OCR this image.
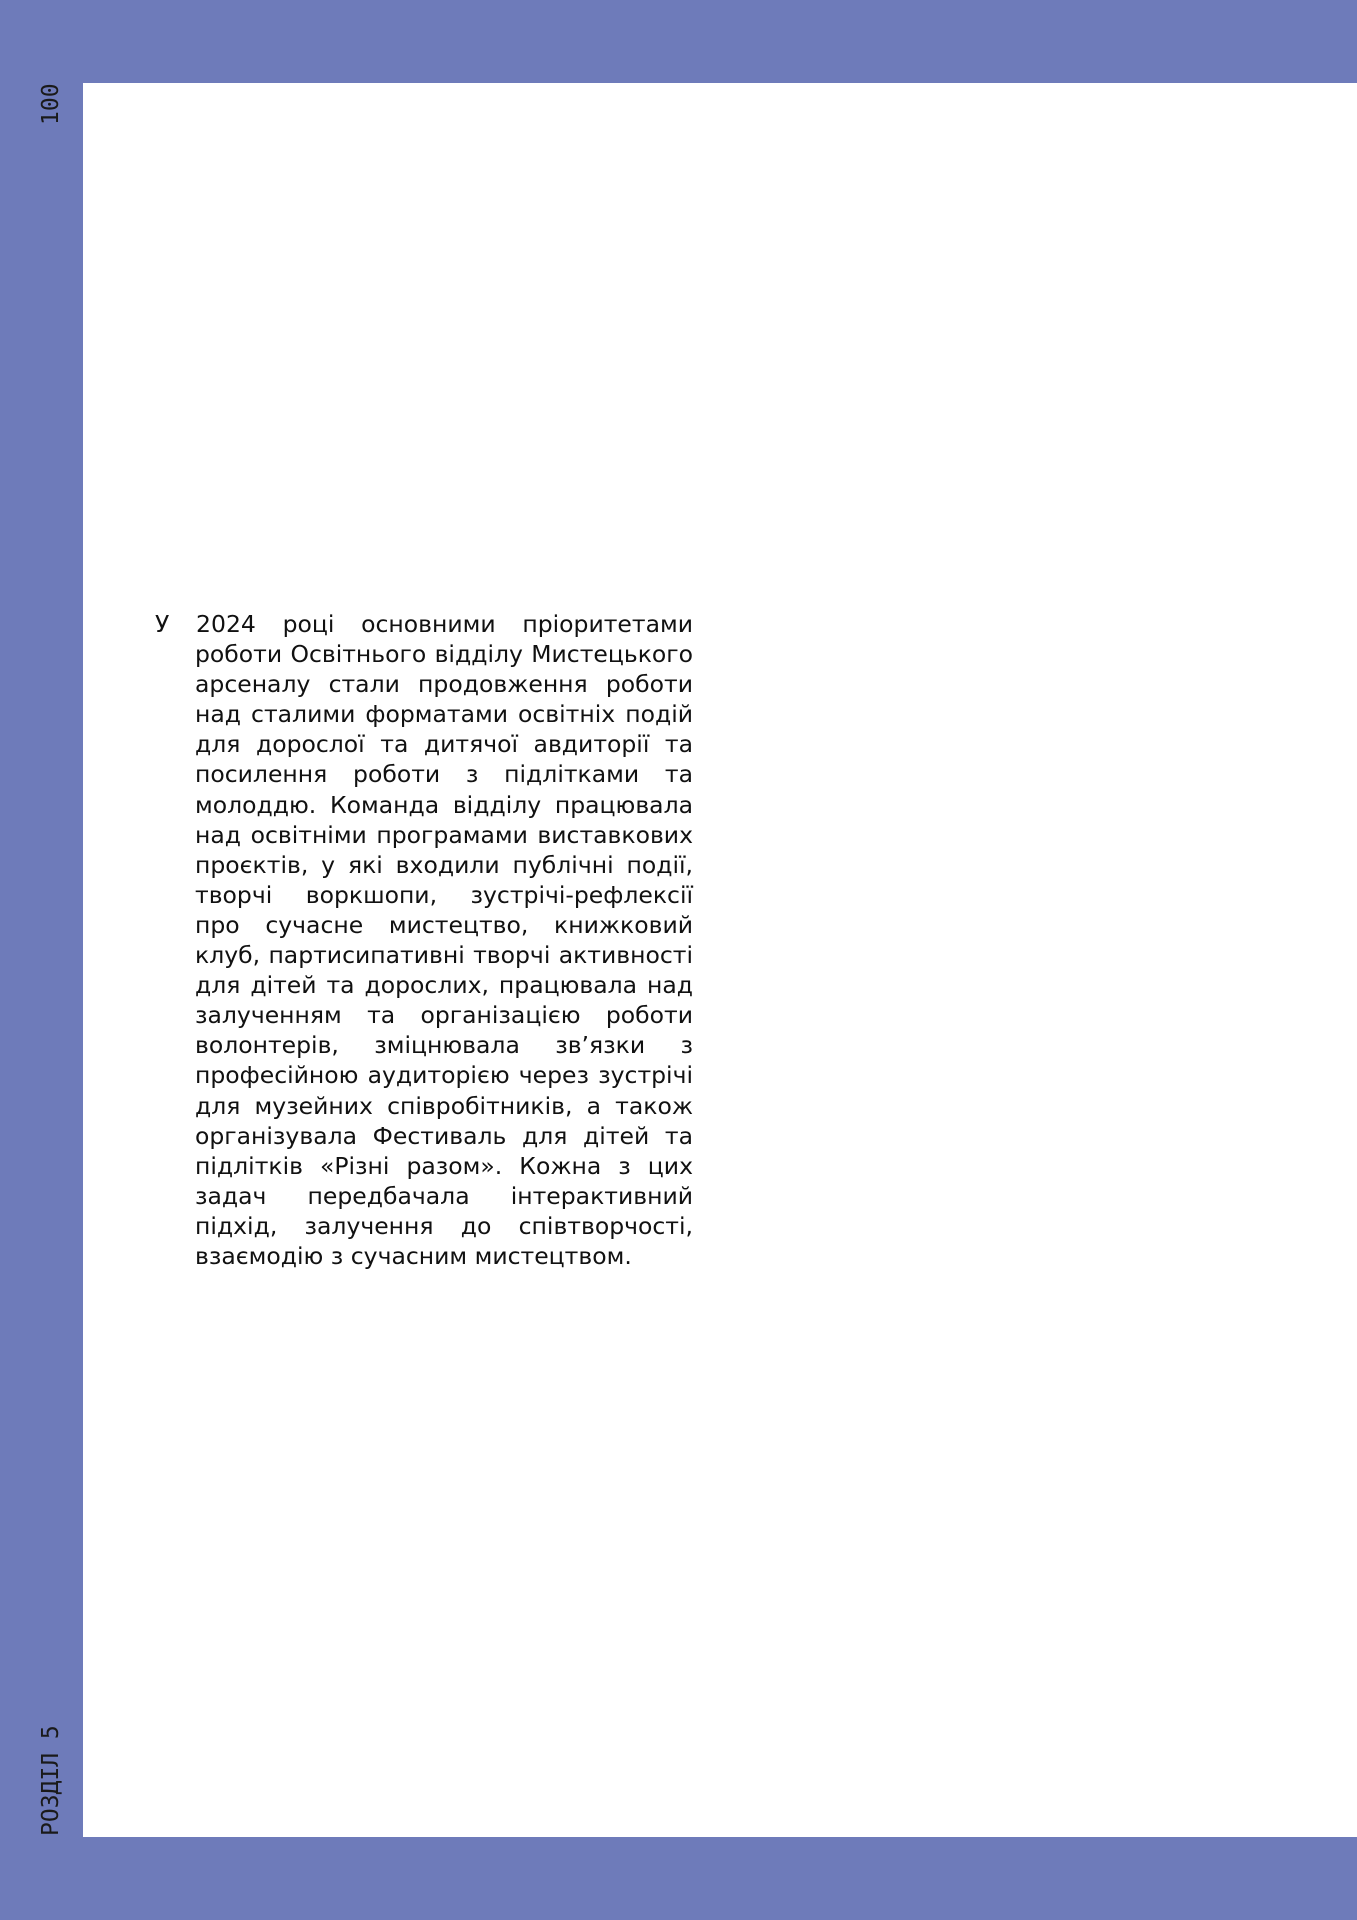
100
РОЗДІЛ 5

У 2024 році основними пріоритетами роботи Освітнього відділу Мистецького арсеналу стали продовження роботи над сталими форматами освітніх подій для дорослої та дитячої авдиторії та посилення роботи з підлітками та молоддю. Команда відділу працювала над освітніми програмами виставкових проєктів, у які входили публічні події, творчі воркшопи, зустрічі-рефлексії про сучасне мистецтво, книжковий клуб, партисипативні творчі активності для дітей та дорослих, працювала над залученням та організацією роботи волонтерів, зміцнювала зв’язки з професійною аудиторією через зустрічі для музейних співробітників, а також організувала Фестиваль для дітей та підлітків «Різні разом». Кожна з цих задач передбачала інтерактивний підхід, залучення до співтворчості, взаємодію з сучасним мистецтвом.
